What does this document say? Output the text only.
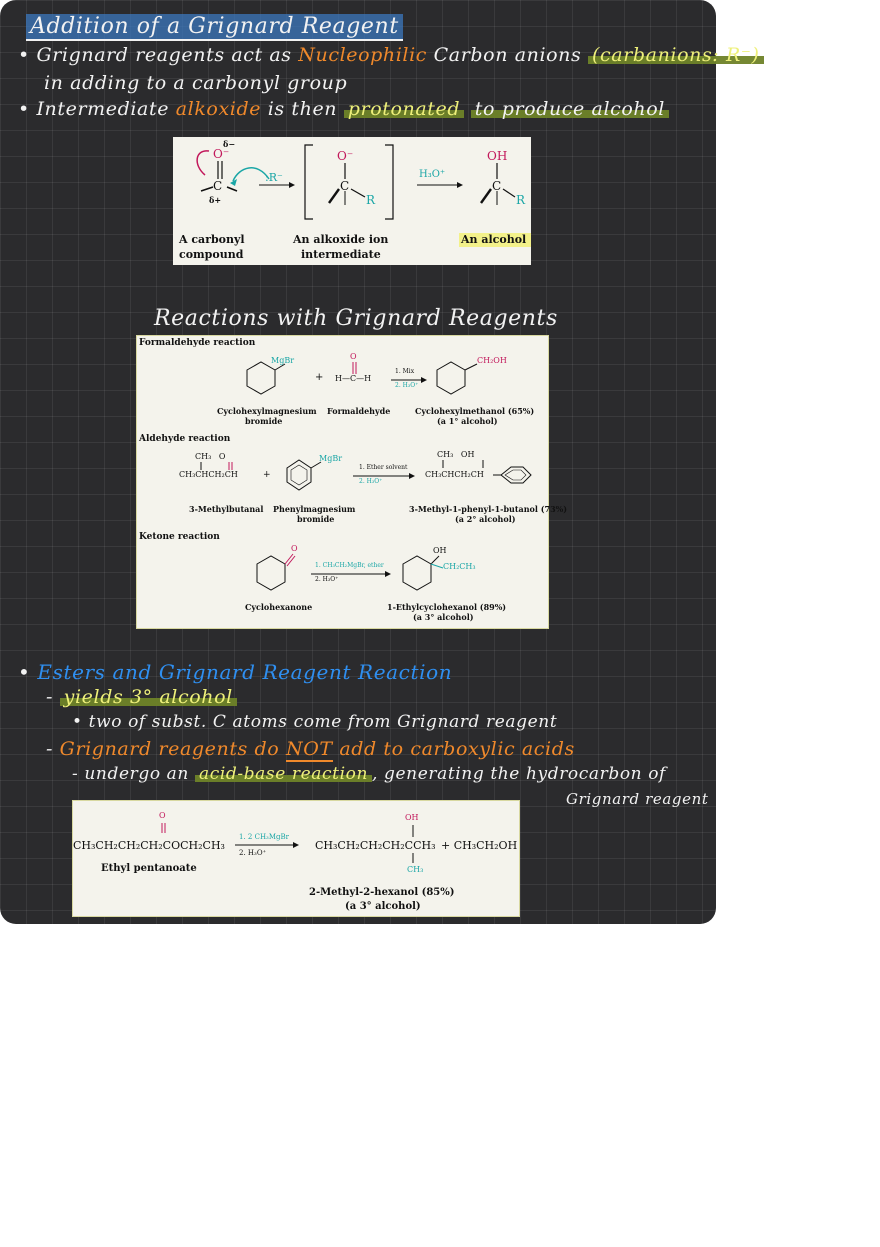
Addition of a Grignard Reagent
• Grignard reagents act as Nucleophilic Carbon anions (carbanions: R⁻)
in adding to a carbonyl group
• Intermediate alkoxide is then protonated to produce alcohol
δ−
O⁻
C
δ+
:R⁻
O⁻
C
R
H₃O⁺
OH
C
R
A carbonyl
compound
An alkoxide ion
intermediate
An alcohol
Reactions with Grignard Reagents
Formaldehyde reaction
MgBr
+
O
H—C—H
1. Mix
2. H₃O⁺
CH₂OH
Cyclohexylmagnesium
bromide
Formaldehyde	Cyclohexylmethanol (65%)
(a 1° alcohol)
Aldehyde reaction
CH₃   O
CH₃CHCH₂CH	+
MgBr
1. Ether solvent
2. H₃O⁺
CH₃   OH
CH₃CHCH₂CH
3-Methylbutanal Phenylmagnesium
bromide
3-Methyl-1-phenyl-1-butanol (73%)
(a 2° alcohol)
Ketone reaction
O
1. CH₃CH₂MgBr, ether
2. H₃O⁺
OH
CH₂CH₃
Cyclohexanone	1-Ethylcyclohexanol (89%)
(a 3° alcohol)
• Esters and Grignard Reagent Reaction
- yields 3° alcohol
• two of subst. C atoms come from Grignard reagent
- Grignard reagents do NOT add to carboxylic acids
- undergo an acid-base reaction , generating the hydrocarbon of
Grignard reagent
O
CH₃CH₂CH₂CH₂COCH₂CH₃
1. 2 CH₃MgBr
2. H₃O⁺
OH
CH₃CH₂CH₂CH₂CCH₃ + CH₃CH₂OH
CH₃
Ethyl pentanoate
2-Methyl-2-hexanol (85%)
(a 3° alcohol)
